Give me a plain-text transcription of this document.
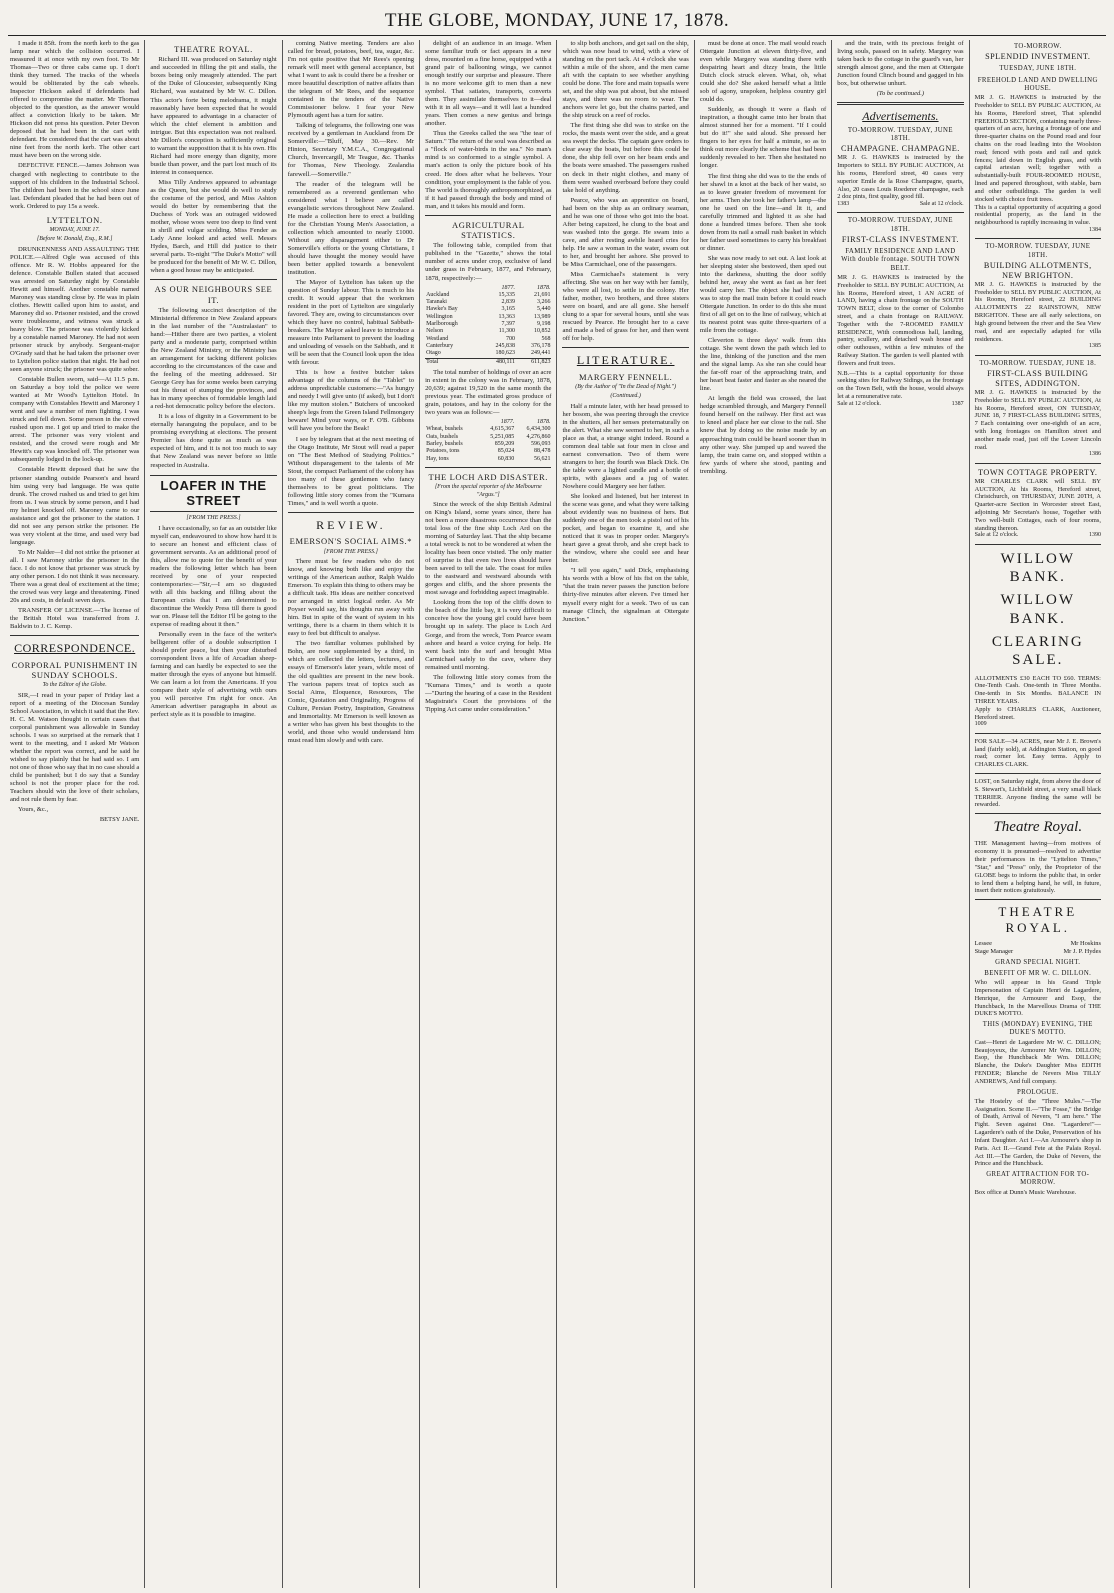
THE GLOBE, MONDAY, JUNE 17, 1878.

I made it 85ft. from the north kerb to the gas lamp near which the collision occurred. I measured it at once with my own foot. To Mr Thomas—Two or three cabs came up. I don't think they turned. The tracks of the wheels would be obliterated by the cab wheels. Inspector Hickson asked if defendants had offered to compromise the matter. Mr Thomas objected to the question, as the answer would affect a conviction likely to be taken. Mr Hickson did not press his question. Peter Devon deposed that he had been in the cart with defendant. He considered that the cart was about nine feet from the north kerb. The other cart must have been on the wrong side.

DEFECTIVE FENCE.—James Johnson was charged with neglecting to contribute to the support of his children in the Industrial School. The children had been in the school since June last. Defendant pleaded that he had been out of work. Ordered to pay 15s a week.

LYTTELTON.
MONDAY, JUNE 17.
[Before W. Donald, Esq., R.M.]

DRUNKENNESS AND ASSAULTING THE POLICE.—Alfred Ogle was accused of this offence. Mr R. W. Hobbs appeared for the defence. Constable Bullen stated that accused was arrested on Saturday night by Constable Hewitt and himself. Another constable named Maroney was standing close by. He was in plain clothes. Hewitt called upon him to assist, and Maroney did so. Prisoner resisted, and the crowd were troublesome, and witness was struck a heavy blow. The prisoner was violently kicked by a constable named Maroney. He had not seen prisoner struck by anybody. Sergeant-major O'Grady said that he had taken the prisoner over to Lyttelton police station that night. He had not seen anyone struck; the prisoner was quite sober.

Constable Bullen sworn, said—At 11.5 p.m. on Saturday a boy told the police we were wanted at Mr Wood's Lyttelton Hotel. In company with Constables Hewitt and Maroney I went and saw a number of men fighting. I was struck and fell down. Some person in the crowd rushed upon me. I got up and tried to make the arrest. The prisoner was very violent and resisted, and the crowd were rough and Mr Hewitt's cap was knocked off. The prisoner was subsequently lodged in the lock-up.

Constable Hewitt deposed that he saw the prisoner standing outside Pearson's and heard him using very bad language. He was quite drunk. The crowd rushed us and tried to get him from us. I was struck by some person, and I had my helmet knocked off. Maroney came to our assistance and got the prisoner to the station. I did not see any person strike the prisoner. He was very violent at the time, and used very bad language.

To Mr Nalder—I did not strike the prisoner at all. I saw Maroney strike the prisoner in the face. I do not know that prisoner was struck by any other person. I do not think it was necessary. There was a great deal of excitement at the time; the crowd was very large and threatening. Fined 20s and costs, in default seven days.

TRANSFER OF LICENSE.—The license of the British Hotel was transferred from J. Baldwin to J. C. Kemp.

CORRESPONDENCE.
CORPORAL PUNISHMENT IN SUNDAY SCHOOLS.
To the Editor of the Globe.

SIR,—I read in your paper of Friday last a report of a meeting of the Diocesan Sunday School Association, in which it said that the Rev. H. C. M. Watson thought in certain cases that corporal punishment was allowable in Sunday schools. I was so surprised at the remark that I went to the meeting, and I asked Mr Watson whether the report was correct, and he said he wished to say plainly that he had said so. I am not one of those who say that in no case should a child be punished; but I do say that a Sunday school is not the proper place for the rod. Teachers should win the love of their scholars, and not rule them by fear.

Yours, &c.,

BETSY JANE.
THEATRE ROYAL.

Richard III. was produced on Saturday night and succeeded in filling the pit and stalls, the boxes being only meagrely attended. The part of the Duke of Gloucester, subsequently King Richard, was sustained by Mr W. C. Dillon. This actor's forte being melodrama, it might reasonably have been expected that he would have appeared to advantage in a character of which the chief element is ambition and intrigue. But this expectation was not realised. Mr Dillon's conception is sufficiently original to warrant the supposition that it is his own. His Richard had more energy than dignity, more bustle than power, and the part lost much of its interest in consequence.

Miss Tilly Andrews appeared to advantage as the Queen, but she would do well to study the costume of the period, and Miss Ashton would do better by remembering that the Duchess of York was an outraged widowed mother, whose woes were too deep to find vent in shrill and vulgar scolding. Miss Fender as Lady Anne looked and acted well. Messrs Hydes, Barch, and Hill did justice to their several parts. To-night "The Duke's Motto" will be produced for the benefit of Mr W. C. Dillon, when a good house may be anticipated.

AS OUR NEIGHBOURS SEE IT.

The following succinct description of the Ministerial difference in New Zealand appears in the last number of the "Australasian" to hand:—Hither there are two parties, a violent party and a moderate party, comprised within the New Zealand Ministry, or the Ministry has an arrangement for tacking different policies according to the circumstances of the case and the feeling of the meeting addressed. Sir George Grey has for some weeks been carrying out his threat of stumping the provinces, and has in many speeches of formidable length laid a red-hot democratic policy before the electors.

It is a loss of dignity in a Government to be eternally haranguing the populace, and to be promising everything at elections. The present Premier has done quite as much as was expected of him, and it is not too much to say that New Zealand was never before so little respected in Australia.

LOAFER IN THE STREET
[FROM THE PRESS.]

I have occasionally, so far as an outsider like myself can, endeavoured to show how hard it is to secure an honest and efficient class of government servants. As an additional proof of this, allow me to quote for the benefit of your readers the following letter which has been received by one of your respected contemporaries:—"Sir,—I am so disgusted with all this backing and filling about the European crisis that I am determined to discontinue the Weekly Press till there is good war on. Please tell the Editor I'll be going to the expense of reading about it then."

Personally even in the face of the writer's belligerent offer of a double subscription I should prefer peace, but then your disturbed correspondent lives a life of Arcadian sheep-farming and can hardly be expected to see the matter through the eyes of anyone but himself. We can learn a lot from the Americans. If you compare their style of advertising with ours you will perceive I'm right for once. An American advertiser paragraphs in about as perfect style as it is possible to imagine.

coming Native meeting. Tenders are also called for bread, potatoes, beef, tea, sugar, &c. I'm not quite positive that Mr Rees's opening remark will meet with general acceptance, but what I want to ask is could there be a fresher or more beautiful description of native affairs than the telegram of Mr Rees, and the sequence contained in the tenders of the Native Commissioner below. I fear your New Plymouth agent has a turn for satire.

Talking of telegrams, the following one was received by a gentleman in Auckland from Dr Somerville:—"Bluff, May 30.—Rev. Mr Hinton, Secretary Y.M.C.A., Congregational Church, Invercargill, Mr Teague, &c. Thanks for Thomas, New Theology. Zealandia farewell.—Somerville."

The reader of the telegram will be remembered as a reverend gentleman who considered what I believe are called evangelistic services throughout New Zealand. He made a collection here to erect a building for the Christian Young Men's Association, a collection which amounted to nearly £1000. Without any disparagement either to Dr Somerville's efforts or the young Christians, I should have thought the money would have been better applied towards a benevolent institution.

The Mayor of Lyttelton has taken up the question of Sunday labour. This is much to his credit. It would appear that the workmen resident in the port of Lyttelton are singularly favored. They are, owing to circumstances over which they have no control, habitual Sabbath-breakers. The Mayor asked leave to introduce a measure into Parliament to prevent the loading and unloading of vessels on the Sabbath, and it will be seen that the Council look upon the idea with favour.

This is how a festive butcher takes advantage of the columns of the "Tablet" to address unpredictable customers:—"As hungry and needy I will give unto (if asked), but I don't like my mutton stolen." Butchers of uncooked sheep's legs from the Green Island Fellmongery beware! Mind your ways, or F. O'B. Gibbons will have you before the Beak!

I see by telegram that at the next meeting of the Otago Institute, Mr Stout will read a paper on "The Best Method of Studying Politics." Without disparagement to the talents of Mr Stout, the compact Parliament of the colony has too many of these gentlemen who fancy themselves to be great politicians. The following little story comes from the "Kumara Times," and is well worth a quote.

REVIEW.
EMERSON'S SOCIAL AIMS.*
[FROM THE PRESS.]

There must be few readers who do not know, and knowing both like and enjoy the writings of the American author, Ralph Waldo Emerson. To explain this thing to others may be a difficult task. His ideas are neither conceived nor arranged in strict logical order. As Mr Poyser would say, his thoughts run away with him. But in spite of the want of system in his writings, there is a charm in them which it is easy to feel but difficult to analyse.

The two familiar volumes published by Bohn, are now supplemented by a third, in which are collected the letters, lectures, and essays of Emerson's later years, while most of the old qualities are present in the new book. The various papers treat of topics such as Social Aims, Eloquence, Resources, The Comic, Quotation and Originality, Progress of Culture, Persian Poetry, Inspiration, Greatness and Immortality. Mr Emerson is well known as a writer who has given his best thoughts to the world, and those who would understand him must read him slowly and with care.

delight of an audience in an image. When some familiar truth or fact appears in a new dress, mounted on a fine horse, equipped with a grand pair of ballooning wings, we cannot enough testify our surprise and pleasure. There is no more welcome gift to men than a new symbol. That satiates, transports, converts them. They assimilate themselves to it—deal with it in all ways—and it will last a hundred years. Then comes a new genius and brings another.

Thus the Greeks called the sea "the tear of Saturn." The return of the soul was described as a "flock of water-birds in the sea." No man's mind is so conformed to a single symbol. A man's action is only the picture book of his creed. He does after what he believes. Your condition, your employment is the fable of you. The world is thoroughly anthropomorphized, as if it had passed through the body and mind of man, and it takes his mould and form.

AGRICULTURAL STATISTICS.

The following table, compiled from that published in the "Gazette," shows the total number of acres under crop, exclusive of land under grass in February, 1877, and February, 1878, respectively:—

	1877.	1878.
Auckland	15,335	21,691
Taranaki	2,839	3,266
Hawke's Bay	3,165	5,440
Wellington	13,363	13,989
Marlborough	7,397	9,198
Nelson	11,300	10,852
Westland	700	568
Canterbury	245,838	376,178
Otago	180,623	249,441
Total	480,111	611,823

The total number of holdings of over an acre in extent in the colony was in February, 1878, 20,639; against 19,520 in the same month the previous year. The estimated gross produce of grain, potatoes, and hay in the colony for the two years was as follows:—

	1877.	1878.
Wheat, bushels	4,615,367	6,434,300
Oats, bushels	5,251,085	4,276,860
Barley, bushels	859,209	596,093
Potatoes, tons	85,024	88,478
Hay, tons	60,830	56,621
THE LOCH ARD DISASTER.
[From the special reporter of the Melbourne "Argus."]

Since the wreck of the ship British Admiral on King's Island, some years since, there has not been a more disastrous occurrence than the total loss of the fine ship Loch Ard on the morning of Saturday last. That the ship became a total wreck is not to be wondered at when the locality has been once visited. The only matter of surprise is that even two lives should have been saved to tell the tale. The coast for miles to the eastward and westward abounds with gorges and cliffs, and the shore presents the most savage and forbidding aspect imaginable.

Looking from the top of the cliffs down to the beach of the little bay, it is very difficult to conceive how the young girl could have been brought up in safety. The place is Loch Ard Gorge, and from the wreck, Tom Pearce swam ashore and heard a voice crying for help. He went back into the surf and brought Miss Carmichael safely to the cave, where they remained until morning.

The following little story comes from the "Kumara Times," and is worth a quote—"During the hearing of a case in the Resident Magistrate's Court the provisions of the Tipping Act came under consideration."

to slip both anchors, and get sail on the ship, which was now head to wind, with a view of standing on the port tack. At 4 o'clock she was within a mile of the shore, and the men came aft with the captain to see whether anything could be done. The fore and main topsails were set, and the ship was put about, but she missed stays, and there was no room to wear. The anchors were let go, but the chains parted, and the ship struck on a reef of rocks.

The first thing she did was to strike on the rocks, the masts went over the side, and a great sea swept the decks. The captain gave orders to clear away the boats, but before this could be done, the ship fell over on her beam ends and the boats were smashed. The passengers rushed on deck in their night clothes, and many of them were washed overboard before they could take hold of anything.

Pearce, who was an apprentice on board, had been on the ship as an ordinary seaman, and he was one of those who got into the boat. After being capsized, he clung to the boat and was washed into the gorge. He swam into a cave, and after resting awhile heard cries for help. He saw a woman in the water, swam out to her, and brought her ashore. She proved to be Miss Carmichael, one of the passengers.

Miss Carmichael's statement is very affecting. She was on her way with her family, who were all lost, to settle in the colony. Her father, mother, two brothers, and three sisters were on board, and are all gone. She herself clung to a spar for several hours, until she was rescued by Pearce. He brought her to a cave and made a bed of grass for her, and then went off for help.

LITERATURE.
MARGERY FENNELL.
(By the Author of "In the Dead of Night.")
(Continued.)

Half a minute later, with her head pressed to her bosom, she was peering through the crevice in the shutters, all her senses preternaturally on the alert. What she saw seemed to her, in such a place as that, a strange sight indeed. Round a common deal table sat four men in close and earnest conversation. Two of them were strangers to her; the fourth was Black Dick. On the table were a lighted candle and a bottle of spirits, with glasses and a jug of water. Nowhere could Margery see her father.

She looked and listened, but her interest in the scene was gone, and what they were talking about evidently was no business of hers. But suddenly one of the men took a pistol out of his pocket, and began to examine it, and she noticed that it was in proper order. Margery's heart gave a great throb, and she crept back to the window, where she could see and hear better.

"I tell you again," said Dick, emphasising his words with a blow of his fist on the table, "that the train never passes the junction before thirty-five minutes after eleven. I've timed her myself every night for a week. Two of us can manage Clinch, the signalman at Ottergate Junction."

must be done at once. The mail would reach Ottergate Junction at eleven thirty-five, and even while Margery was standing there with despairing heart and dizzy brain, the little Dutch clock struck eleven. What, oh, what could she do? She asked herself what a little sob of agony, unspoken, helpless country girl could do.

Suddenly, as though it were a flash of inspiration, a thought came into her brain that almost stunned her for a moment. "If I could but do it!" she said aloud. She pressed her fingers to her eyes for half a minute, so as to think out more clearly the scheme that had been suddenly revealed to her. Then she hesitated no longer.

The first thing she did was to tie the ends of her shawl in a knot at the back of her waist, so as to leave greater freedom of movement for her arms. Then she took her father's lamp—the one he used on the line—and lit it, and carefully trimmed and lighted it as she had done a hundred times before. Then she took down from its nail a small rush basket in which her father used sometimes to carry his breakfast or dinner.

She was now ready to set out. A last look at her sleeping sister she bestowed, then sped out into the darkness, shutting the door softly behind her, away she went as fast as her feet would carry her. The object she had in view was to stop the mail train before it could reach Ottergate Junction. In order to do this she must first of all get on to the line of railway, which at its nearest point was quite three-quarters of a mile from the cottage.

Cleverton is three days' walk from this cottage. She went down the path which led to the line, thinking of the junction and the men and the signal lamp. As she ran she could hear the far-off roar of the approaching train, and her heart beat faster and faster as she neared the line.

At length the field was crossed, the last hedge scrambled through, and Margery Fennell found herself on the railway. Her first act was to kneel and place her ear close to the rail. She knew that by doing so the noise made by an approaching train could be heard sooner than in any other way. She jumped up and waved the lamp, the train came on, and stopped within a few yards of where she stood, panting and trembling.

and the train, with its precious freight of living souls, passed on in safety. Margery was taken back to the cottage in the guard's van, her strength almost gone, and the men at Ottergate Junction found Clinch bound and gagged in his box, but otherwise unhurt.

(To be continued.)
Advertisements.
TO-MORROW. TUESDAY, JUNE 18TH.
CHAMPAGNE. CHAMPAGNE.
MR J. G. HAWKES is instructed by the Importers to SELL BY PUBLIC AUCTION, At his rooms, Hereford street, 40 cases very superior Emile de la Rose Champagne, quarts, Also, 20 cases Louis Roederer champagne, each 2 doz pints, first quality, good fill.
1383	Sale at 12 o'clock.
TO-MORROW. TUESDAY, JUNE 18TH.
FIRST-CLASS INVESTMENT.
FAMILY RESIDENCE AND LAND With double frontage. SOUTH TOWN BELT.
MR J. G. HAWKES is instructed by the Freeholder to SELL BY PUBLIC AUCTION, At his Rooms, Hereford street, 1 AN ACRE of LAND, having a chain frontage on the SOUTH TOWN BELT, close to the corner of Colombo street, and a chain frontage on RAILWAY. Together with the 7-ROOMED FAMILY RESIDENCE, With commodious hall, landing, pantry, scullery, and detached wash house and other outhouses, within a few minutes of the Railway Station. The garden is well planted with flowers and fruit trees.
N.B.—This is a capital opportunity for those seeking sites for Railway Sidings, as the frontage on the Town Belt, with the house, would always let at a remunerative rate.
Sale at 12 o'clock.	1387
TO-MORROW.
SPLENDID INVESTMENT.
TUESDAY, JUNE 18TH.
FREEHOLD LAND AND DWELLING HOUSE.
MR J. G. HAWKES is instructed by the Freeholder to SELL BY PUBLIC AUCTION, At his Rooms, Hereford street, That splendid FREEHOLD SECTION, containing nearly three-quarters of an acre, having a frontage of one and three-quarter chains on the Pound road and four chains on the road leading into the Woolston road; fenced with posts and rail and quick fences; laid down in English grass, and with capital artesian well; together with a substantially-built FOUR-ROOMED HOUSE, lined and papered throughout, with stable, barn and other outbuildings. The garden is well stocked with choice fruit trees.
This is a capital opportunity of acquiring a good residential property, as the land in the neighbourhood is rapidly increasing in value.
1384
TO-MORROW. TUESDAY, JUNE 18TH.
BUILDING ALLOTMENTS, NEW BRIGHTON.
MR J. G. HAWKES is instructed by the Freeholder to SELL BY PUBLIC AUCTION, At his Rooms, Hereford street, 22 BUILDING ALLOTMENTS 22 RAINSTOWN, NEW BRIGHTON. These are all early selections, on high ground between the river and the Sea View road, and are especially adapted for villa residences.
1385
TO-MORROW. TUESDAY, JUNE 18.
FIRST-CLASS BUILDING SITES, ADDINGTON.
MR J. G. HAWKES is instructed by the Freeholder to SELL BY PUBLIC AUCTION, At his Rooms, Hereford street, ON TUESDAY, JUNE 18, 7 FIRST-CLASS BUILDING SITES, 7 Each containing over one-eighth of an acre, with long frontages on Hamilton street and another made road, just off the Lower Lincoln road.
1386
TOWN COTTAGE PROPERTY.
MR CHARLES CLARK will SELL BY AUCTION, At his Rooms, Hereford street, Christchurch, on THURSDAY, JUNE 20TH, A Quarter-acre Section in Worcester street East, adjoining Mr Secretan's house, Together with Two well-built Cottages, each of four rooms, standing thereon.
Sale at 12 o'clock.	1390
WILLOW BANK.
WILLOW BANK.
CLEARING SALE.
ALLOTMENTS £30 EACH TO £60. TERMS: One-Tenth Cash. One-tenth in Three Months. One-tenth in Six Months. BALANCE IN THREE YEARS.
Apply to CHARLES CLARK, Auctioneer, Hereford street.
1009
FOR SALE—34 ACRES, near Mr J. E. Brown's land (fairly sold), at Addington Station, on good road; corner lot. Easy terms. Apply to CHARLES CLARK.
LOST, on Saturday night, from above the door of S. Stewart's, Lichfield street, a very small black TERRIER. Anyone finding the same will be rewarded.
Theatre Royal.
THE Management having—from motives of economy it is presumed—resolved to advertise their performances in the "Lyttelton Times," "Star," and "Press" only, the Proprietor of the GLOBE begs to inform the public that, in order to lend them a helping hand, he will, in future, insert their notices gratuitously.
THEATRE ROYAL.
Lessee	Mr Hoskins
Stage Manager	Mr J. P. Hydes
GRAND SPECIAL NIGHT.
BENEFIT OF MR W. C. DILLON.
Who will appear in his Grand Triple Impersonation of Captain Henri de Lagardere, Henrique, the Armourer and Esop, the Hunchback, In the Marvellous Drama of THE DUKE'S MOTTO.
THIS (MONDAY) EVENING, THE DUKE'S MOTTO.
Cast—Henri de Lagardere Mr W. C. DILLON; Beaujoyeux, the Armourer Mr Wm. DILLON; Esop, the Hunchback Mr Wm. DILLON; Blanche, the Duke's Daughter Miss EDITH FENDER; Blanche de Nevers Miss TILLY ANDREWS, And full company.
PROLOGUE.
The Hostelry of the "Three Mules."—The Assignation. Scene II.—"The Fosse," the Bridge of Death, Arrival of Nevers, "I am here." The Fight. Seven against One. "Lagardere!"—Lagardere's oath of the Duke, Preservation of his Infant Daughter. Act I.—An Armourer's shop in Paris. Act II.—Grand Fete at the Palais Royal. Act III.—The Garden, the Duke of Nevers, the Prince and the Hunchback.
GREAT ATTRACTION FOR TO-MORROW.
Box office at Dunn's Music Warehouse.
